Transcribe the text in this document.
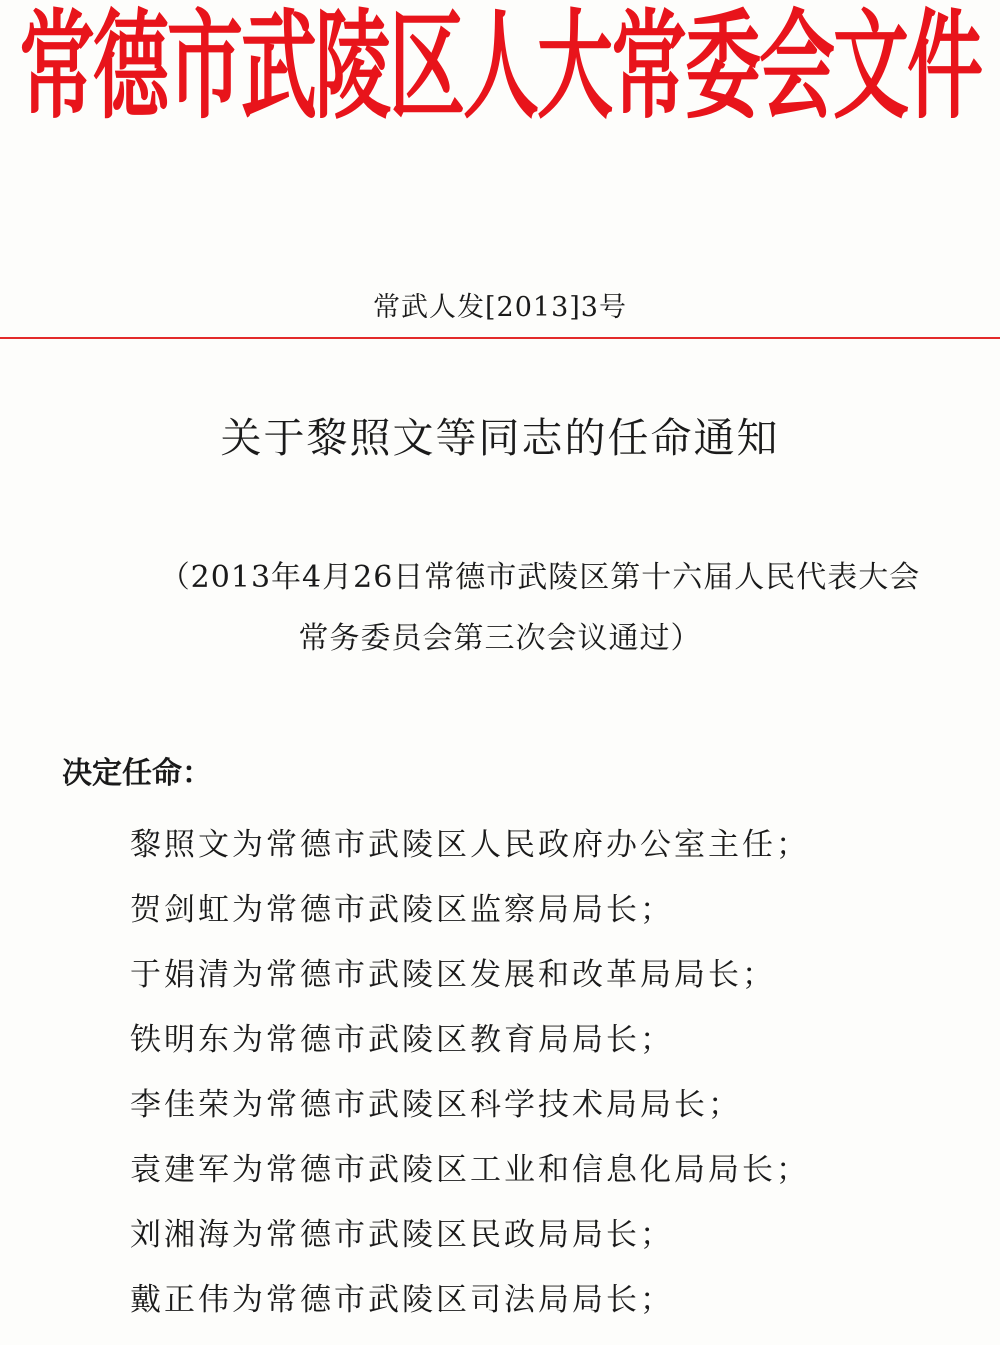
常德市武陵区人大常委会文件
常武人发[2013]3号
关于黎照文等同志的任命通知
（2013年4月26日常德市武陵区第十六届人民代表大会
常务委员会第三次会议通过）
决定任命：
黎照文为常德市武陵区人民政府办公室主任；
贺剑虹为常德市武陵区监察局局长；
于娟清为常德市武陵区发展和改革局局长；
铁明东为常德市武陵区教育局局长；
李佳荣为常德市武陵区科学技术局局长；
袁建军为常德市武陵区工业和信息化局局长；
刘湘海为常德市武陵区民政局局长；
戴正伟为常德市武陵区司法局局长；
